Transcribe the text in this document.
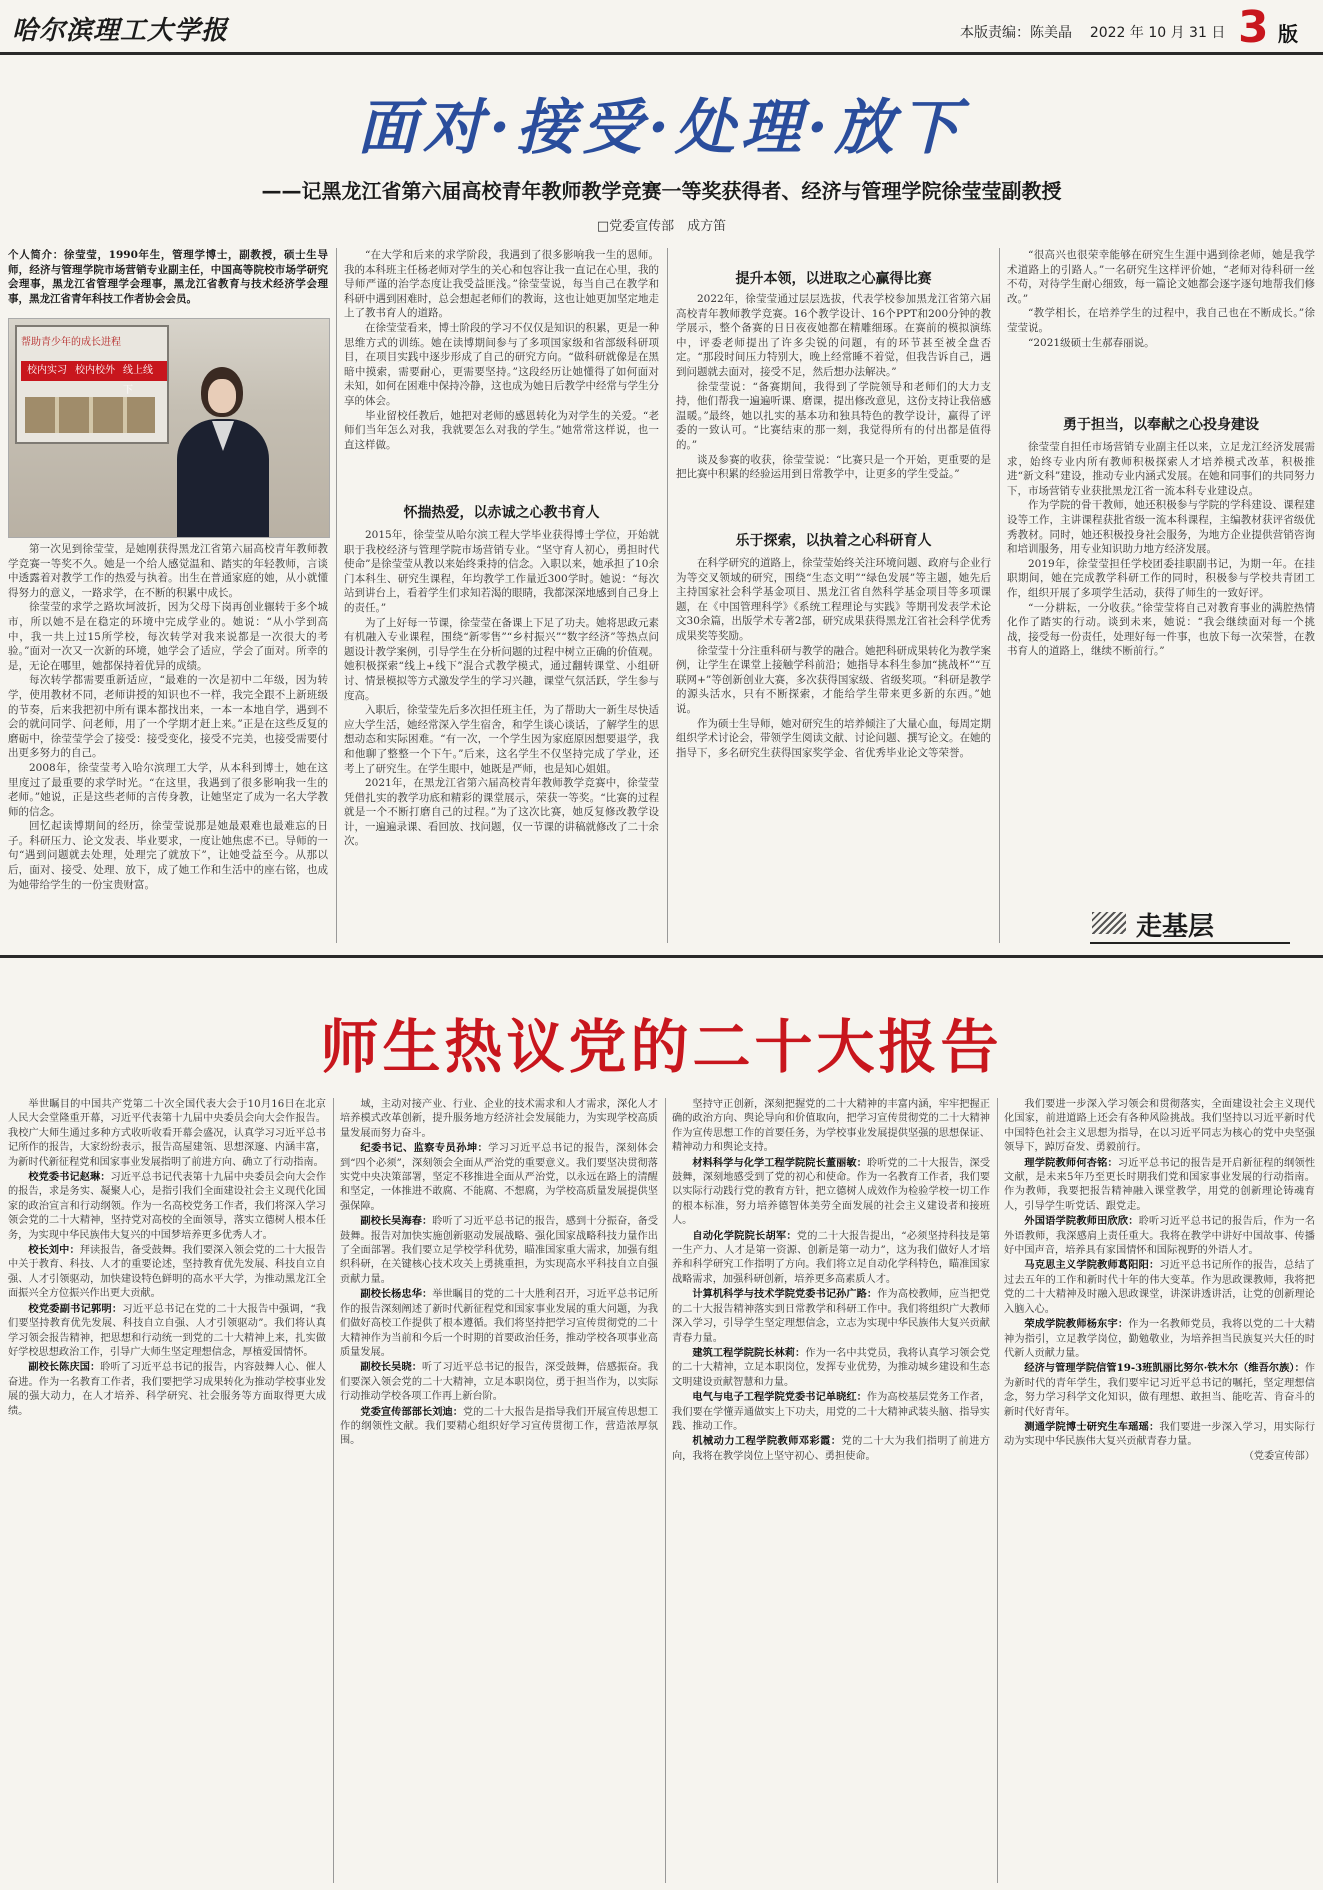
哈尔滨理工大学报	本版责编：陈美晶 2022 年 10 月 31 日 3 版
面对·接受·处理·放下
——记黑龙江省第六届高校青年教师教学竞赛一等奖获得者、经济与管理学院徐莹莹副教授
□党委宣传部　成方笛

个人简介：徐莹莹，1990年生，管理学博士，副教授，硕士生导师，经济与管理学院市场营销专业副主任，中国高等院校市场学研究会理事，黑龙江省管理学会理事，黑龙江省教育与技术经济学会理事，黑龙江省青年科技工作者协会会员。

帮助青少年的成长进程
校内实习 校内校外 线上线下

第一次见到徐莹莹，是她刚获得黑龙江省第六届高校青年教师教学竞赛一等奖不久。她是一个给人感觉温和、踏实的年轻教师，言谈中透露着对教学工作的热爱与执着。出生在普通家庭的她，从小就懂得努力的意义，一路求学，在不断的积累中成长。

徐莹莹的求学之路坎坷波折，因为父母下岗再创业辗转于多个城市，所以她不是在稳定的环境中完成学业的。她说：“从小学到高中，我一共上过15所学校，每次转学对我来说都是一次很大的考验。”面对一次又一次新的环境，她学会了适应，学会了面对。所幸的是，无论在哪里，她都保持着优异的成绩。

每次转学都需要重新适应，“最难的一次是初中二年级，因为转学，使用教材不同，老师讲授的知识也不一样，我完全跟不上新班级的节奏，后来我把初中所有课本都找出来，一本一本地自学，遇到不会的就问同学、问老师，用了一个学期才赶上来。”正是在这些反复的磨砺中，徐莹莹学会了接受：接受变化，接受不完美，也接受需要付出更多努力的自己。

2008年，徐莹莹考入哈尔滨理工大学，从本科到博士，她在这里度过了最重要的求学时光。“在这里，我遇到了很多影响我一生的老师。”她说，正是这些老师的言传身教，让她坚定了成为一名大学教师的信念。

回忆起读博期间的经历，徐莹莹说那是她最艰难也最难忘的日子。科研压力、论文发表、毕业要求，一度让她焦虑不已。导师的一句“遇到问题就去处理，处理完了就放下”，让她受益至今。从那以后，面对、接受、处理、放下，成了她工作和生活中的座右铭，也成为她带给学生的一份宝贵财富。

“在大学和后来的求学阶段，我遇到了很多影响我一生的恩师。我的本科班主任杨老师对学生的关心和包容让我一直记在心里，我的导师严谨的治学态度让我受益匪浅。”徐莹莹说，每当自己在教学和科研中遇到困难时，总会想起老师们的教诲，这也让她更加坚定地走上了教书育人的道路。

在徐莹莹看来，博士阶段的学习不仅仅是知识的积累，更是一种思维方式的训练。她在读博期间参与了多项国家级和省部级科研项目，在项目实践中逐步形成了自己的研究方向。“做科研就像是在黑暗中摸索，需要耐心，更需要坚持。”这段经历让她懂得了如何面对未知，如何在困难中保持冷静，这也成为她日后教学中经常与学生分享的体会。

毕业留校任教后，她把对老师的感恩转化为对学生的关爱。“老师们当年怎么对我，我就要怎么对我的学生。”她常常这样说，也一直这样做。

怀揣热爱，以赤诚之心教书育人

2015年，徐莹莹从哈尔滨工程大学毕业获得博士学位，开始就职于我校经济与管理学院市场营销专业。“坚守育人初心，勇担时代使命”是徐莹莹从教以来始终秉持的信念。入职以来，她承担了10余门本科生、研究生课程，年均教学工作量近300学时。她说：“每次站到讲台上，看着学生们求知若渴的眼睛，我都深深地感到自己身上的责任。”

为了上好每一节课，徐莹莹在备课上下足了功夫。她将思政元素有机融入专业课程，围绕“新零售”“乡村振兴”“数字经济”等热点问题设计教学案例，引导学生在分析问题的过程中树立正确的价值观。她积极探索“线上+线下”混合式教学模式，通过翻转课堂、小组研讨、情景模拟等方式激发学生的学习兴趣，课堂气氛活跃，学生参与度高。

入职后，徐莹莹先后多次担任班主任，为了帮助大一新生尽快适应大学生活，她经常深入学生宿舍，和学生谈心谈话，了解学生的思想动态和实际困难。“有一次，一个学生因为家庭原因想要退学，我和他聊了整整一个下午。”后来，这名学生不仅坚持完成了学业，还考上了研究生。在学生眼中，她既是严师，也是知心姐姐。

2021年，在黑龙江省第六届高校青年教师教学竞赛中，徐莹莹凭借扎实的教学功底和精彩的课堂展示，荣获一等奖。“比赛的过程就是一个不断打磨自己的过程。”为了这次比赛，她反复修改教学设计，一遍遍录课、看回放、找问题，仅一节课的讲稿就修改了二十余次。

提升本领，以进取之心赢得比赛

2022年，徐莹莹通过层层选拔，代表学校参加黑龙江省第六届高校青年教师教学竞赛。16个教学设计、16个PPT和200分钟的教学展示，整个备赛的日日夜夜她都在精雕细琢。在赛前的模拟演练中，评委老师提出了许多尖锐的问题，有的环节甚至被全盘否定。“那段时间压力特别大，晚上经常睡不着觉，但我告诉自己，遇到问题就去面对，接受不足，然后想办法解决。”

徐莹莹说：“备赛期间，我得到了学院领导和老师们的大力支持，他们帮我一遍遍听课、磨课，提出修改意见，这份支持让我倍感温暖。”最终，她以扎实的基本功和独具特色的教学设计，赢得了评委的一致认可。“比赛结束的那一刻，我觉得所有的付出都是值得的。”

谈及参赛的收获，徐莹莹说：“比赛只是一个开始，更重要的是把比赛中积累的经验运用到日常教学中，让更多的学生受益。”

乐于探索，以执着之心科研育人

在科学研究的道路上，徐莹莹始终关注环境问题、政府与企业行为等交叉领域的研究，围绕“生态文明”“绿色发展”等主题，她先后主持国家社会科学基金项目、黑龙江省自然科学基金项目等多项课题，在《中国管理科学》《系统工程理论与实践》等期刊发表学术论文30余篇，出版学术专著2部，研究成果获得黑龙江省社会科学优秀成果奖等奖励。

徐莹莹十分注重科研与教学的融合。她把科研成果转化为教学案例，让学生在课堂上接触学科前沿；她指导本科生参加“挑战杯”“互联网+”等创新创业大赛，多次获得国家级、省级奖项。“科研是教学的源头活水，只有不断探索，才能给学生带来更多新的东西。”她说。

作为硕士生导师，她对研究生的培养倾注了大量心血，每周定期组织学术讨论会，带领学生阅读文献、讨论问题、撰写论文。在她的指导下，多名研究生获得国家奖学金、省优秀毕业论文等荣誉。

“很高兴也很荣幸能够在研究生生涯中遇到徐老师，她是我学术道路上的引路人。”一名研究生这样评价她，“老师对待科研一丝不苟，对待学生耐心细致，每一篇论文她都会逐字逐句地帮我们修改。”

“教学相长，在培养学生的过程中，我自己也在不断成长。”徐莹莹说。

“2021级硕士生郝春丽说。

勇于担当，以奉献之心投身建设

徐莹莹自担任市场营销专业副主任以来，立足龙江经济发展需求，始终专业内所有教师积极探索人才培养模式改革，积极推进“新文科”建设，推动专业内涵式发展。在她和同事们的共同努力下，市场营销专业获批黑龙江省一流本科专业建设点。

作为学院的骨干教师，她还积极参与学院的学科建设、课程建设等工作，主讲课程获批省级一流本科课程，主编教材获评省级优秀教材。同时，她还积极投身社会服务，为地方企业提供营销咨询和培训服务，用专业知识助力地方经济发展。

2019年，徐莹莹担任学校团委挂职副书记，为期一年。在挂职期间，她在完成教学科研工作的同时，积极参与学校共青团工作，组织开展了多项学生活动，获得了师生的一致好评。

“一分耕耘，一分收获。”徐莹莹将自己对教育事业的满腔热情化作了踏实的行动。谈到未来，她说：“我会继续面对每一个挑战，接受每一份责任，处理好每一件事，也放下每一次荣誉，在教书育人的道路上，继续不断前行。”

走基层
师生热议党的二十大报告

举世瞩目的中国共产党第二十次全国代表大会于10月16日在北京人民大会堂隆重开幕，习近平代表第十九届中央委员会向大会作报告。我校广大师生通过多种方式收听收看开幕会盛况，认真学习习近平总书记所作的报告，大家纷纷表示，报告高屋建瓴、思想深邃、内涵丰富，为新时代新征程党和国家事业发展指明了前进方向、确立了行动指南。

校党委书记赵琳：习近平总书记代表第十九届中央委员会向大会作的报告，求是务实、凝聚人心，是指引我们全面建设社会主义现代化国家的政治宣言和行动纲领。作为一名高校党务工作者，我们将深入学习领会党的二十大精神，坚持党对高校的全面领导，落实立德树人根本任务，为实现中华民族伟大复兴的中国梦培养更多优秀人才。

校长刘中：拜读报告，备受鼓舞。我们要深入领会党的二十大报告中关于教育、科技、人才的重要论述，坚持教育优先发展、科技自立自强、人才引领驱动，加快建设特色鲜明的高水平大学，为推动黑龙江全面振兴全方位振兴作出更大贡献。

校党委副书记郭明：习近平总书记在党的二十大报告中强调，“我们要坚持教育优先发展、科技自立自强、人才引领驱动”。我们将认真学习领会报告精神，把思想和行动统一到党的二十大精神上来，扎实做好学校思想政治工作，引导广大师生坚定理想信念，厚植爱国情怀。

副校长陈庆国：聆听了习近平总书记的报告，内容鼓舞人心、催人奋进。作为一名教育工作者，我们要把学习成果转化为推动学校事业发展的强大动力，在人才培养、科学研究、社会服务等方面取得更大成绩。

域，主动对接产业、行业、企业的技术需求和人才需求，深化人才培养模式改革创新，提升服务地方经济社会发展能力，为实现学校高质量发展而努力奋斗。

纪委书记、监察专员孙坤：学习习近平总书记的报告，深刻体会到“四个必须”，深刻领会全面从严治党的重要意义。我们要坚决贯彻落实党中央决策部署，坚定不移推进全面从严治党，以永远在路上的清醒和坚定，一体推进不敢腐、不能腐、不想腐，为学校高质量发展提供坚强保障。

副校长吴海春：聆听了习近平总书记的报告，感到十分振奋，备受鼓舞。报告对加快实施创新驱动发展战略、强化国家战略科技力量作出了全面部署。我们要立足学校学科优势，瞄准国家重大需求，加强有组织科研，在关键核心技术攻关上勇挑重担，为实现高水平科技自立自强贡献力量。

副校长杨忠华：举世瞩目的党的二十大胜利召开，习近平总书记所作的报告深刻阐述了新时代新征程党和国家事业发展的重大问题，为我们做好高校工作提供了根本遵循。我们将坚持把学习宣传贯彻党的二十大精神作为当前和今后一个时期的首要政治任务，推动学校各项事业高质量发展。

副校长吴晓：听了习近平总书记的报告，深受鼓舞，倍感振奋。我们要深入领会党的二十大精神，立足本职岗位，勇于担当作为，以实际行动推动学校各项工作再上新台阶。

党委宣传部部长刘迪：党的二十大报告是指导我们开展宣传思想工作的纲领性文献。我们要精心组织好学习宣传贯彻工作，营造浓厚氛围。

坚持守正创新，深刻把握党的二十大精神的丰富内涵，牢牢把握正确的政治方向、舆论导向和价值取向，把学习宣传贯彻党的二十大精神作为宣传思想工作的首要任务，为学校事业发展提供坚强的思想保证、精神动力和舆论支持。

材料科学与化学工程学院院长董丽敏：聆听党的二十大报告，深受鼓舞，深刻地感受到了党的初心和使命。作为一名教育工作者，我们要以实际行动践行党的教育方针，把立德树人成效作为检验学校一切工作的根本标准，努力培养德智体美劳全面发展的社会主义建设者和接班人。

自动化学院院长胡军：党的二十大报告提出，“必须坚持科技是第一生产力、人才是第一资源、创新是第一动力”，这为我们做好人才培养和科学研究工作指明了方向。我们将立足自动化学科特色，瞄准国家战略需求，加强科研创新，培养更多高素质人才。

计算机科学与技术学院党委书记孙广路：作为高校教师，应当把党的二十大报告精神落实到日常教学和科研工作中。我们将组织广大教师深入学习，引导学生坚定理想信念，立志为实现中华民族伟大复兴贡献青春力量。

建筑工程学院院长林莉：作为一名中共党员，我将认真学习领会党的二十大精神，立足本职岗位，发挥专业优势，为推动城乡建设和生态文明建设贡献智慧和力量。

电气与电子工程学院党委书记单晓红：作为高校基层党务工作者，我们要在学懂弄通做实上下功夫，用党的二十大精神武装头脑、指导实践、推动工作。

机械动力工程学院教师邓彩霞：党的二十大为我们指明了前进方向，我将在教学岗位上坚守初心、勇担使命。

我们要进一步深入学习领会和贯彻落实，全面建设社会主义现代化国家，前进道路上还会有各种风险挑战。我们坚持以习近平新时代中国特色社会主义思想为指导，在以习近平同志为核心的党中央坚强领导下，踔厉奋发、勇毅前行。

理学院教师何杏铭：习近平总书记的报告是开启新征程的纲领性文献，是未来5年乃至更长时期我们党和国家事业发展的行动指南。作为教师，我要把报告精神融入课堂教学，用党的创新理论铸魂育人，引导学生听党话、跟党走。

外国语学院教师田欣欣：聆听习近平总书记的报告后，作为一名外语教师，我深感肩上责任重大。我将在教学中讲好中国故事、传播好中国声音，培养具有家国情怀和国际视野的外语人才。

马克思主义学院教师葛阳阳：习近平总书记所作的报告，总结了过去五年的工作和新时代十年的伟大变革。作为思政课教师，我将把党的二十大精神及时融入思政课堂，讲深讲透讲活，让党的创新理论入脑入心。

荣成学院教师杨东宇：作为一名教师党员，我将以党的二十大精神为指引，立足教学岗位，勤勉敬业，为培养担当民族复兴大任的时代新人贡献力量。

经济与管理学院信管19-3班凯丽比努尔·铁木尔（维吾尔族）：作为新时代的青年学生，我们要牢记习近平总书记的嘱托，坚定理想信念，努力学习科学文化知识，做有理想、敢担当、能吃苦、肯奋斗的新时代好青年。

测通学院博士研究生车瑶瑶：我们要进一步深入学习，用实际行动为实现中华民族伟大复兴贡献青春力量。

（党委宣传部）
